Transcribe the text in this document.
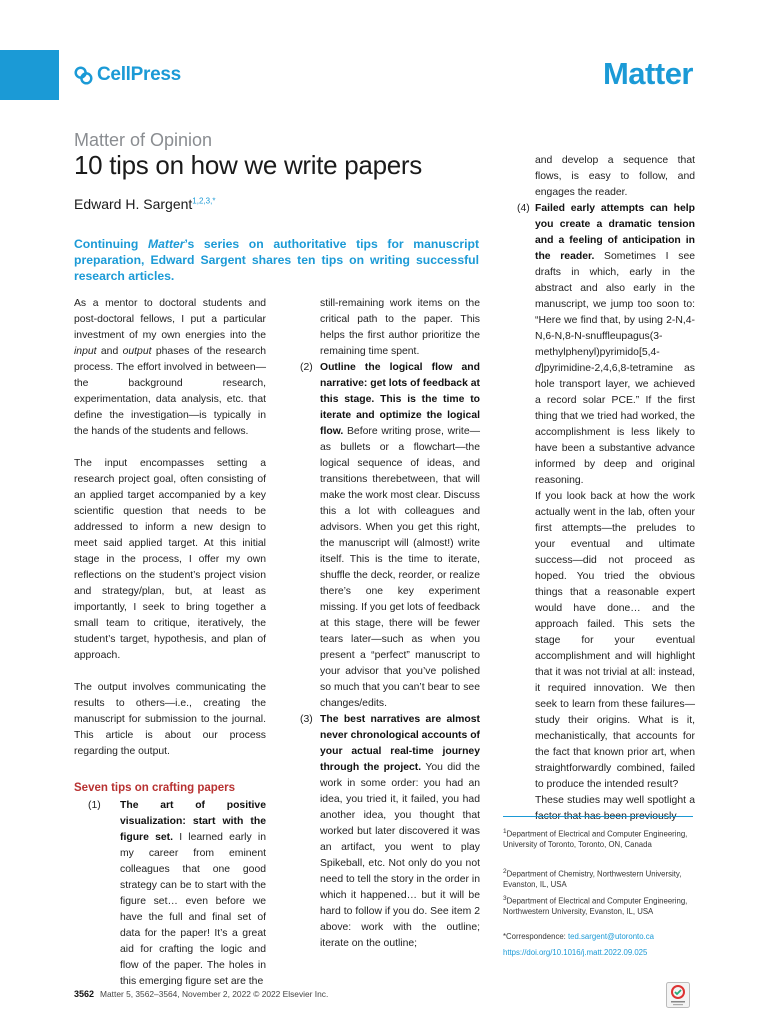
CellPress	Matter
Matter of Opinion
10 tips on how we write papers
Edward H. Sargent$^{1,2,3,*}$

Continuing Matter’s series on authoritative tips for manuscript preparation, Edward Sargent shares ten tips on writing successful research articles.

As a mentor to doctoral students and post-doctoral fellows, I put a particular investment of my own energies into the input and output phases of the research process. The effort involved in between—the background research, experimentation, data analysis, etc. that define the investigation—is typically in the hands of the students and fellows.

The input encompasses setting a research project goal, often consisting of an applied target accompanied by a key scientific question that needs to be addressed to inform a new design to meet said applied target. At this initial stage in the process, I offer my own reflections on the student’s project vision and strategy/plan, but, at least as importantly, I seek to bring together a small team to critique, iteratively, the student’s target, hypothesis, and plan of approach.

The output involves communicating the results to others—i.e., creating the manuscript for submission to the journal. This article is about our process regarding the output.

Seven tips on crafting papers

(1)	The art of positive visualization: start with the figure set. I learned early in my career from eminent colleagues that one good strategy can be to start with the figure set… even before we have the full and final set of data for the paper! It’s a great aid for crafting the logic and flow of the paper. The holes in this emerging figure set are the
still-remaining work items on the critical path to the paper. This helps the first author prioritize the remaining time spent.
(2) Outline the logical flow and narrative: get lots of feedback at this stage. This is the time to iterate and optimize the logical flow. Before writing prose, write—as bullets or a flowchart—the logical sequence of ideas, and transitions therebetween, that will make the work most clear. Discuss this a lot with colleagues and advisors. When you get this right, the manuscript will (almost!) write itself. This is the time to iterate, shuffle the deck, reorder, or realize there’s one key experiment missing. If you get lots of feedback at this stage, there will be fewer tears later—such as when you present a “perfect” manuscript to your advisor that you’ve polished so much that you can’t bear to see changes/edits.
(3) The best narratives are almost never chronological accounts of your actual real-time journey through the project. You did the work in some order: you had an idea, you tried it, it failed, you had another idea, you thought that worked but later discovered it was an artifact, you went to play Spikeball, etc. Not only do you not need to tell the story in the order in which it happened… but it will be hard to follow if you do. See item 2 above: work with the outline; iterate on the outline;
and develop a sequence that flows, is easy to follow, and engages the reader.
(4) Failed early attempts can help you create a dramatic tension and a feeling of anticipation in the reader. Sometimes I see drafts in which, early in the abstract and also early in the manuscript, we jump too soon to: “Here we find that, by using 2-N,4-N,6-N,8-N-snuffleupagus(3-methylphenyl)pyrimido[5,4-d]pyrimidine-2,4,6,8-tetramine as hole transport layer, we achieved a record solar PCE.” If the first thing that we tried had worked, the accomplishment is less likely to have been a substantive advance informed by deep and original reasoning.

If you look back at how the work actually went in the lab, often your first attempts—the preludes to your eventual and ultimate success—did not proceed as hoped. You tried the obvious things that a reasonable expert would have done… and the approach failed. This sets the stage for your eventual accomplishment and will highlight that it was not trivial at all: instead, it required innovation. We then seek to learn from these failures—study their origins. What is it, mechanistically, that accounts for the fact that known prior art, when straightforwardly combined, failed to produce the intended result?

These studies may well spotlight a factor that has been previously

$^1$Department of Electrical and Computer Engineering, University of Toronto, Toronto, ON, Canada

$^2$Department of Chemistry, Northwestern University, Evanston, IL, USA

$^3$Department of Electrical and Computer Engineering, Northwestern University, Evanston, IL, USA

*Correspondence: ted.sargent@utoronto.ca

https://doi.org/10.1016/j.matt.2022.09.025

3562 Matter 5, 3562–3564, November 2, 2022 © 2022 Elsevier Inc.
